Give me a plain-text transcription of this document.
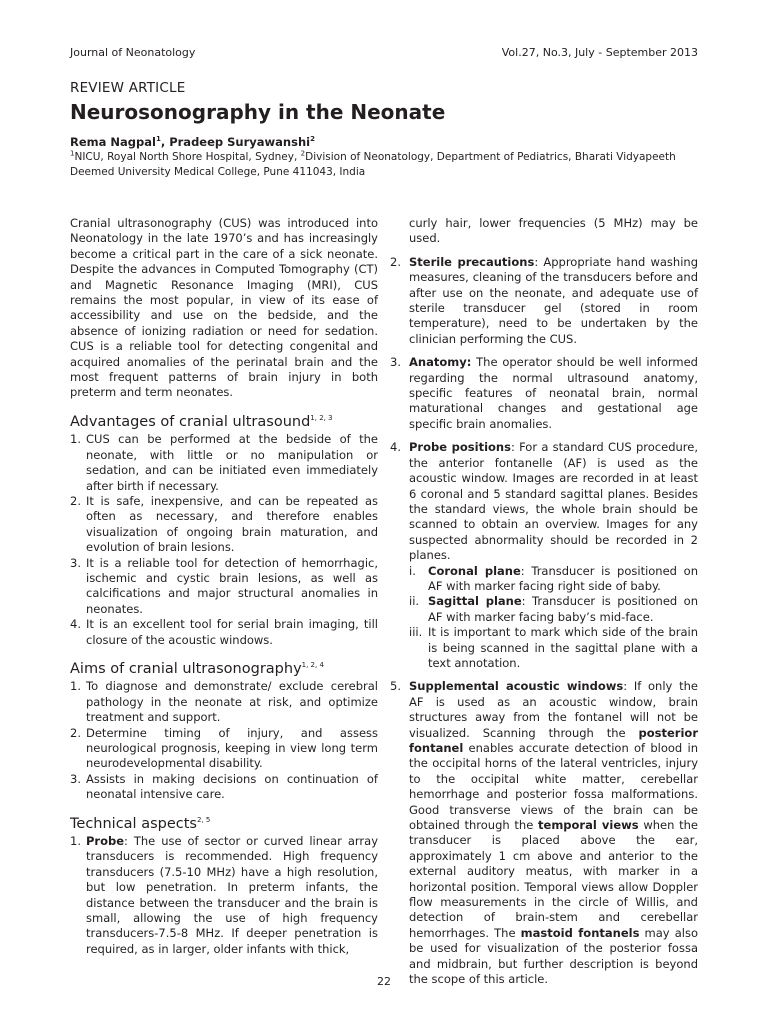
Journal of Neonatology	Vol.27, No.3, July - September 2013
REVIEW ARTICLE
Neurosonography in the Neonate
Rema Nagpal$^1$, Pradeep Suryawanshi$^2$
$^1$NICU, Royal North Shore Hospital, Sydney, $^2$Division of Neonatology, Department of Pediatrics, Bharati Vidyapeeth Deemed University Medical College, Pune 411043, India

Cranial ultrasonography (CUS) was introduced into Neonatology in the late 1970’s and has increasingly become a critical part in the care of a sick neonate. Despite the advances in Computed Tomography (CT) and Magnetic Resonance Imaging (MRI), CUS remains the most popular, in view of its ease of accessibility and use on the bedside, and the absence of ionizing radiation or need for sedation. CUS is a reliable tool for detecting congenital and acquired anomalies of the perinatal brain and the most frequent patterns of brain injury in both preterm and term neonates.

Advantages of cranial ultrasound$^{1, 2, 3}$
1. CUS can be performed at the bedside of the neonate, with little or no manipulation or sedation, and can be initiated even immediately after birth if necessary.
2. It is safe, inexpensive, and can be repeated as often as necessary, and therefore enables visualization of ongoing brain maturation, and evolution of brain lesions.
3. It is a reliable tool for detection of hemorrhagic, ischemic and cystic brain lesions, as well as calcifications and major structural anomalies in neonates.
4. It is an excellent tool for serial brain imaging, till closure of the acoustic windows.
Aims of cranial ultrasonography$^{1, 2, 4}$
1. To diagnose and demonstrate/ exclude cerebral pathology in the neonate at risk, and optimize treatment and support.
2. Determine timing of injury, and assess neurological prognosis, keeping in view long term neurodevelopmental disability.
3. Assists in making decisions on continuation of neonatal intensive care.
Technical aspects$^{2, 5}$
1. Probe: The use of sector or curved linear array transducers is recommended. High frequency transducers (7.5-10 MHz) have a high resolution, but low penetration. In preterm infants, the distance between the transducer and the brain is small, allowing the use of high frequency transducers-7.5-8 MHz. If deeper penetration is required, as in larger, older infants with thick,

curly hair, lower frequencies (5 MHz) may be used.

2. Sterile precautions: Appropriate hand washing measures, cleaning of the transducers before and after use on the neonate, and adequate use of sterile transducer gel (stored in room temperature), need to be undertaken by the clinician performing the CUS.
3. Anatomy: The operator should be well informed regarding the normal ultrasound anatomy, specific features of neonatal brain, normal maturational changes and gestational age specific brain anomalies.
4. Probe positions: For a standard CUS procedure, the anterior fontanelle (AF) is used as the acoustic window. Images are recorded in at least 6 coronal and 5 standard sagittal planes. Besides the standard views, the whole brain should be scanned to obtain an overview. Images for any suspected abnormality should be recorded in 2 planes.
i. Coronal plane: Transducer is positioned on AF with marker facing right side of baby.
ii. Sagittal plane: Transducer is positioned on AF with marker facing baby’s mid-face.
iii. It is important to mark which side of the brain is being scanned in the sagittal plane with a text annotation.
5. Supplemental acoustic windows: If only the AF is used as an acoustic window, brain structures away from the fontanel will not be visualized. Scanning through the posterior fontanel enables accurate detection of blood in the occipital horns of the lateral ventricles, injury to the occipital white matter, cerebellar hemorrhage and posterior fossa malformations. Good transverse views of the brain can be obtained through the temporal views when the transducer is placed above the ear, approximately 1 cm above and anterior to the external auditory meatus, with marker in a horizontal position. Temporal views allow Doppler flow measurements in the circle of Willis, and detection of brain-stem and cerebellar hemorrhages. The mastoid fontanels may also be used for visualization of the posterior fossa and midbrain, but further description is beyond the scope of this article.
22
